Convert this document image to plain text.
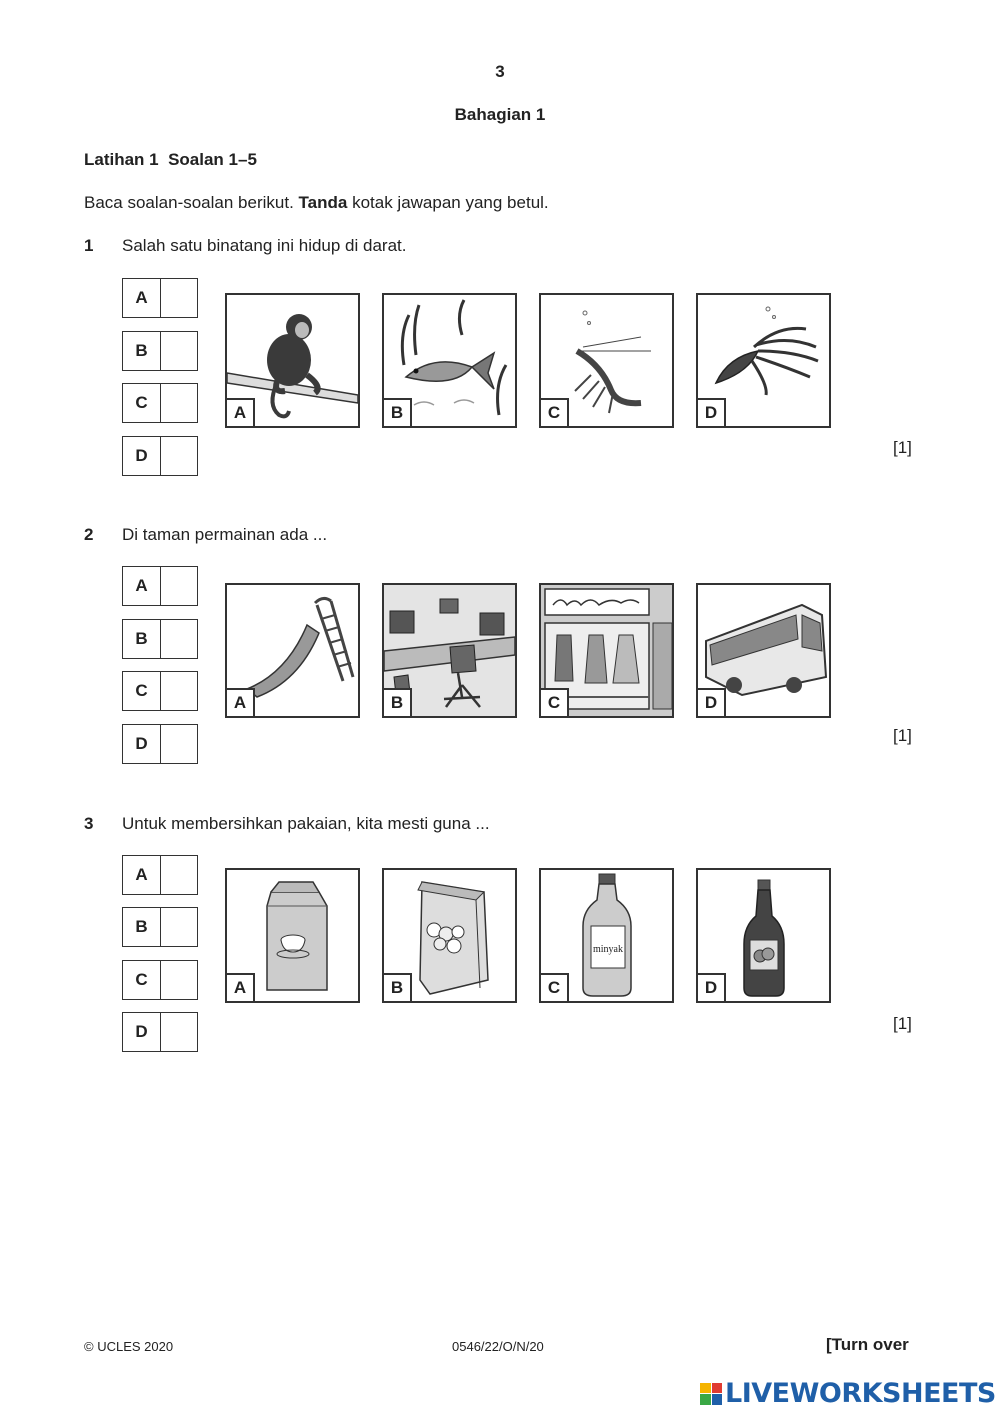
3
Bahagian 1
Latihan 1  Soalan 1–5
Baca soalan-soalan berikut. Tanda kotak jawapan yang betul.
1 Salah satu binatang ini hidup di darat.
A
B
C
D
A	B	C	D
[1]
2 Di taman permainan ada ...
A
B
C
D
A	B	C	D
[1]
3 Untuk membersihkan pakaian, kita mesti guna ...
A
B
C
D
A	B
minyak
C	D
[1]
© UCLES 2020	0546/22/O/N/20	[Turn over
LIVEWORKSHEETS
